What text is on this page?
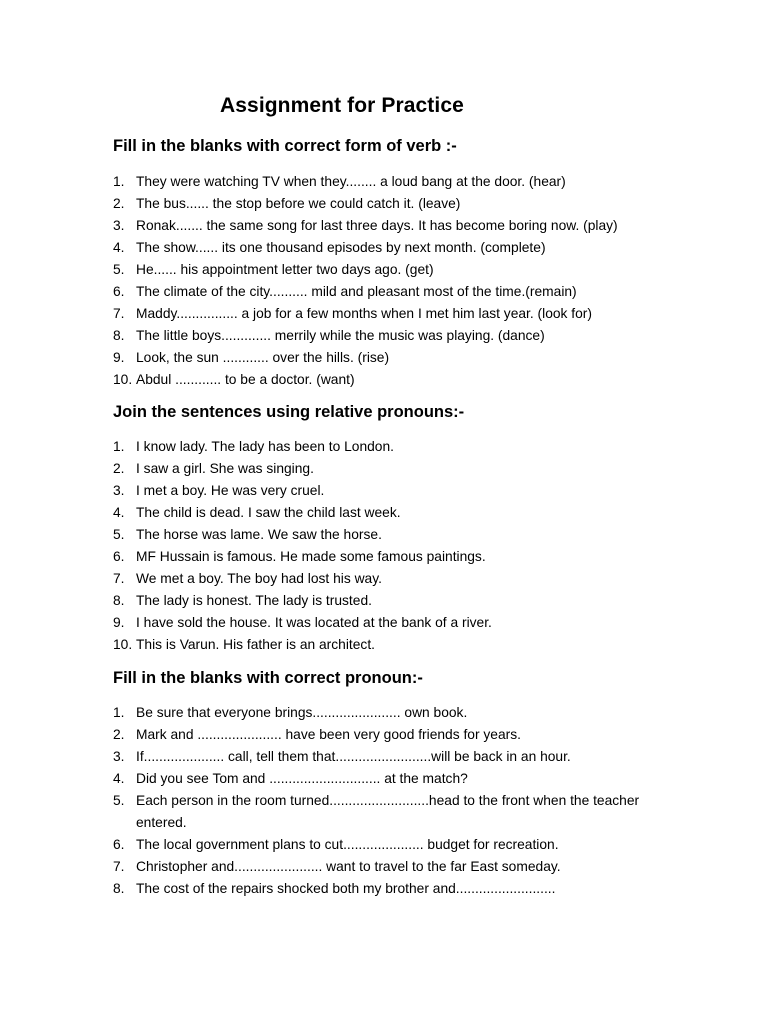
Assignment for Practice
Fill in the blanks with correct form of verb :-
1. They were watching TV when they........ a loud bang at the door. (hear)
2. The bus...... the stop before we could catch it. (leave)
3. Ronak....... the same song for last three days. It has become boring now. (play)
4. The show...... its one thousand episodes by next month. (complete)
5. He...... his appointment letter two days ago. (get)
6. The climate of the city.......... mild and pleasant most of the time.(remain)
7. Maddy................ a job for a few months when I met him last year. (look for)
8. The little boys............. merrily while the music was playing. (dance)
9. Look, the sun ............ over the hills. (rise)
10. Abdul ............ to be a doctor. (want)
Join the sentences using relative pronouns:-
1. I know lady. The lady has been to London.
2. I saw a girl. She was singing.
3. I met a boy. He was very cruel.
4. The child is dead. I saw the child last week.
5. The horse was lame. We saw the horse.
6. MF Hussain is famous. He made some famous paintings.
7. We met a boy. The boy had lost his way.
8. The lady is honest. The lady is trusted.
9. I have sold the house. It was located at the bank of a river.
10. This is Varun. His father is an architect.
Fill in the blanks with correct pronoun:-
1. Be sure that everyone brings....................... own book.
2. Mark and ...................... have been very good friends for years.
3. If..................... call, tell them that.........................will be back in an hour.
4. Did you see Tom and ............................. at the match?
5. Each person in the room turned..........................head to the front when the teacher entered.
6. The local government plans to cut..................... budget for recreation.
7. Christopher and....................... want to travel to the far East someday.
8. The cost of the repairs shocked both my brother and..........................
